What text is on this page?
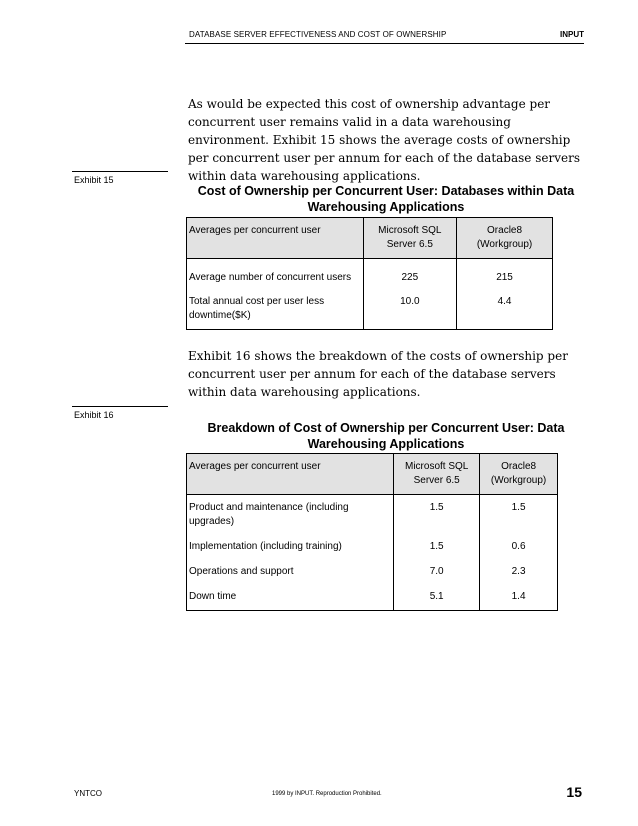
DATABASE SERVER EFFECTIVENESS AND COST OF OWNERSHIP	INPUT
As would be expected this cost of ownership advantage per concurrent user remains valid in a data warehousing environment. Exhibit 15 shows the average costs of ownership per concurrent user per annum for each of the database servers within data warehousing applications.
Exhibit 15
Cost of Ownership per Concurrent User: Databases within Data Warehousing Applications
Averages per concurrent user	Microsoft SQL Server 6.5	Oracle8 (Workgroup)
Average number of concurrent users	225	215
Total annual cost per user less downtime($K)	10.0	4.4
Exhibit 16 shows the breakdown of the costs of ownership per concurrent user per annum for each of the database servers within data warehousing applications.
Exhibit 16
Breakdown of Cost of Ownership per Concurrent User: Data Warehousing Applications
Averages per concurrent user	Microsoft SQL Server 6.5	Oracle8 (Workgroup)
Product and maintenance (including upgrades)	1.5	1.5
Implementation (including training)	1.5	0.6
Operations and support	7.0	2.3
Down time	5.1	1.4
YNTCO	1999 by INPUT. Reproduction Prohibited.	15
